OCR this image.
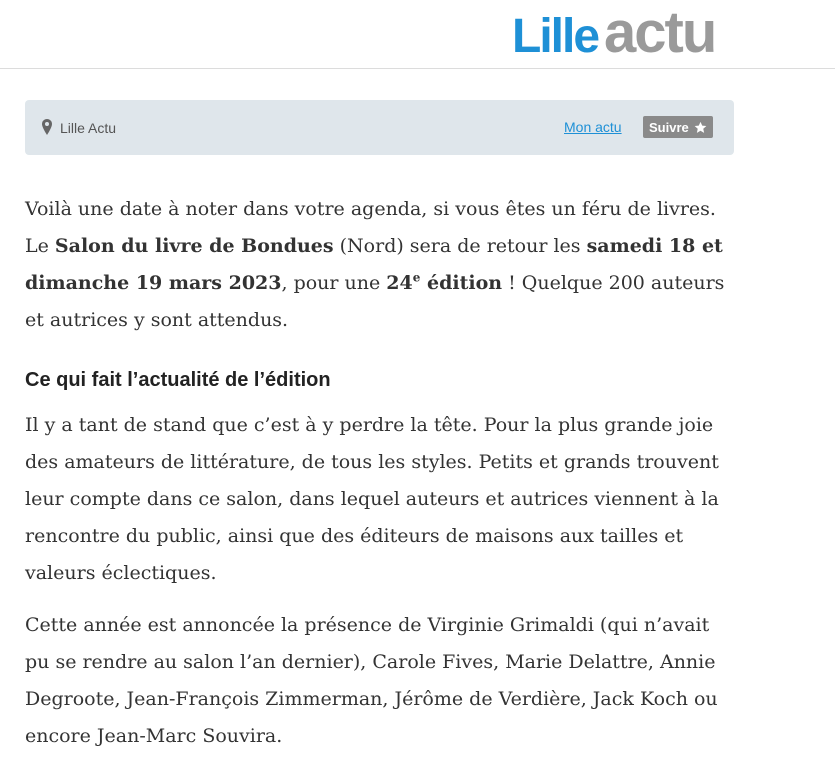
Lille actu
Lille Actu	Mon actu Suivre

Voilà une date à noter dans votre agenda, si vous êtes un féru de livres. Le Salon du livre de Bondues (Nord) sera de retour les samedi 18 et dimanche 19 mars 2023, pour une 24e édition ! Quelque 200 auteurs et autrices y sont attendus.

Ce qui fait l’actualité de l’édition

Il y a tant de stand que c’est à y perdre la tête. Pour la plus grande joie des amateurs de littérature, de tous les styles. Petits et grands trouvent leur compte dans ce salon, dans lequel auteurs et autrices viennent à la rencontre du public, ainsi que des éditeurs de maisons aux tailles et valeurs éclectiques.

Cette année est annoncée la présence de Virginie Grimaldi (qui n’avait pu se rendre au salon l’an dernier), Carole Fives, Marie Delattre, Annie Degroote, Jean-François Zimmerman, Jérôme de Verdière, Jack Koch ou encore Jean-Marc Souvira.
